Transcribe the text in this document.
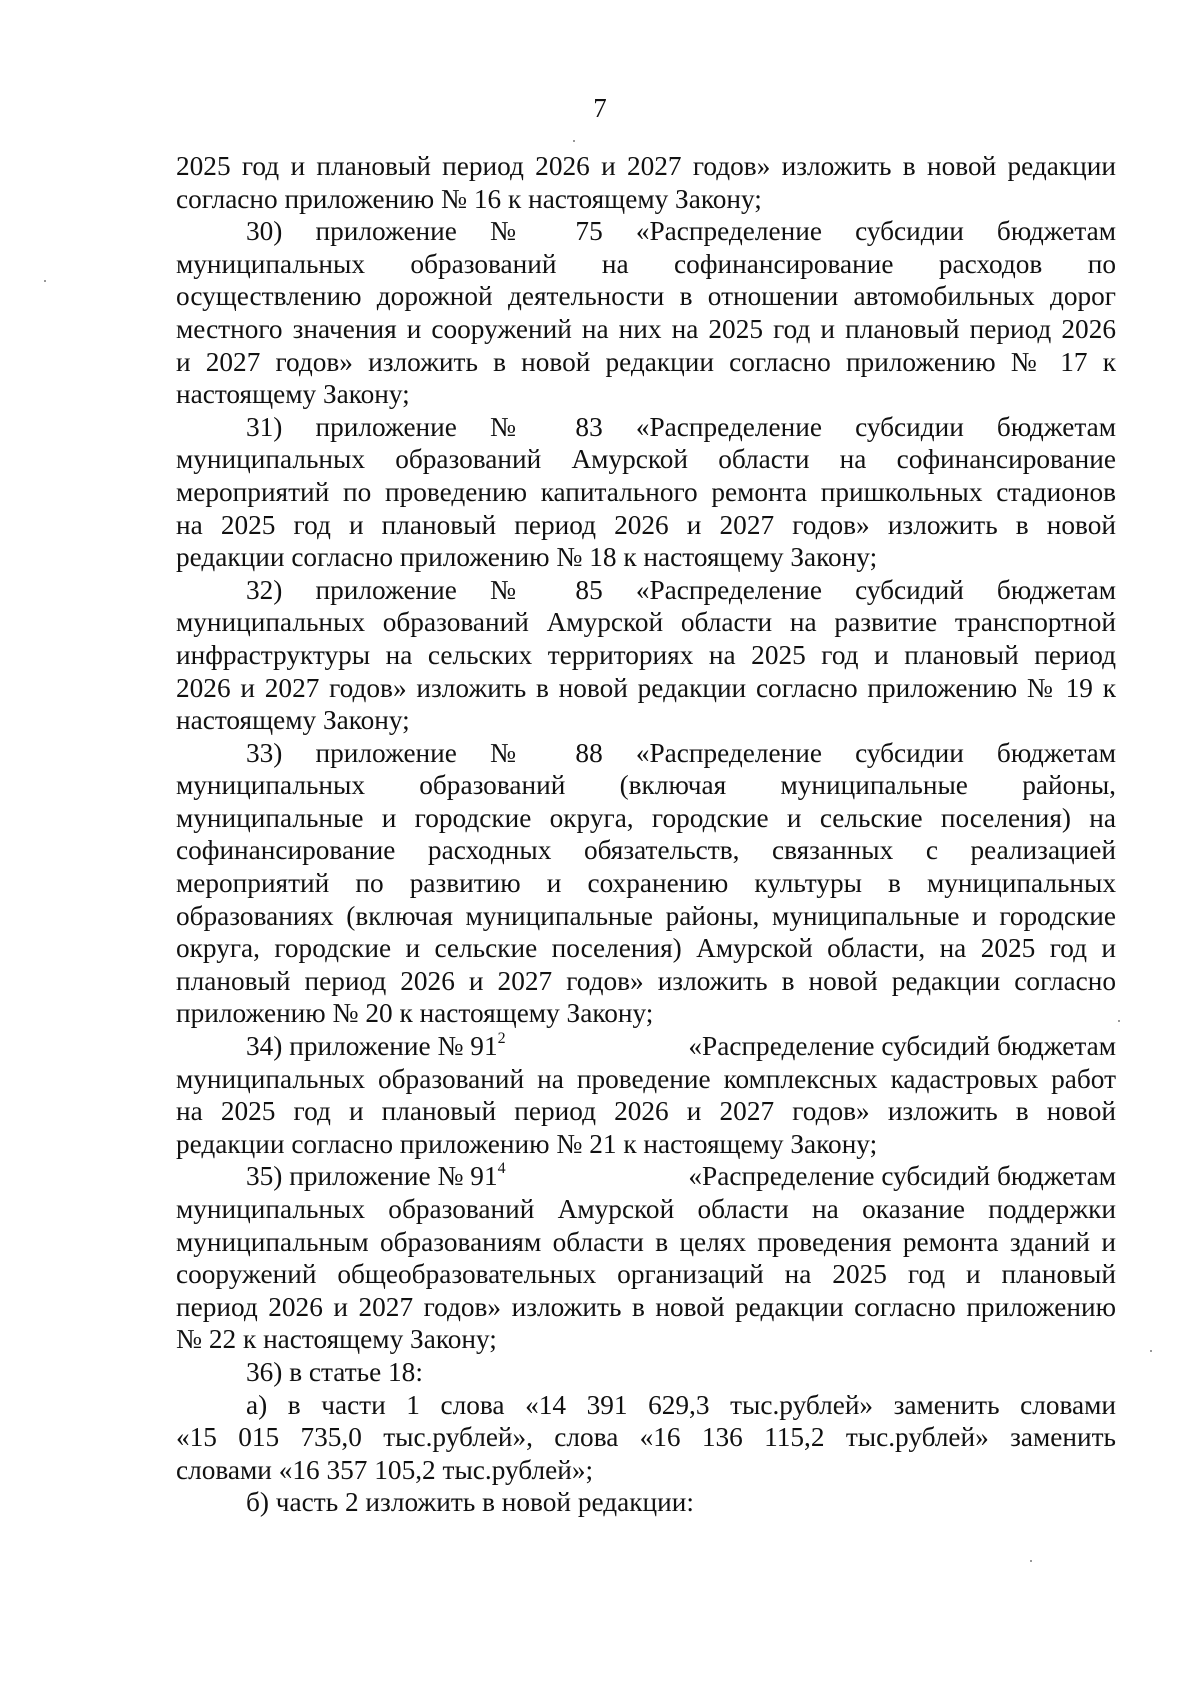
7
2025 год и плановый период 2026 и 2027 годов» изложить в новой редакции
согласно приложению № 16 к настоящему Закону;
30) приложение № 75 «Распределение субсидии бюджетам
муниципальных образований на софинансирование расходов по
осуществлению дорожной деятельности в отношении автомобильных дорог
местного значения и сооружений на них на 2025 год и плановый период 2026
и 2027 годов» изложить в новой редакции согласно приложению № 17 к
настоящему Закону;
31) приложение № 83 «Распределение субсидии бюджетам
муниципальных образований Амурской области на софинансирование
мероприятий по проведению капитального ремонта пришкольных стадионов
на 2025 год и плановый период 2026 и 2027 годов» изложить в новой
редакции согласно приложению № 18 к настоящему Закону;
32) приложение № 85 «Распределение субсидий бюджетам
муниципальных образований Амурской области на развитие транспортной
инфраструктуры на сельских территориях на 2025 год и плановый период
2026 и 2027 годов» изложить в новой редакции согласно приложению № 19 к
настоящему Закону;
33) приложение № 88 «Распределение субсидии бюджетам
муниципальных образований (включая муниципальные районы,
муниципальные и городские округа, городские и сельские поселения) на
софинансирование расходных обязательств, связанных с реализацией
мероприятий по развитию и сохранению культуры в муниципальных
образованиях (включая муниципальные районы, муниципальные и городские
округа, городские и сельские поселения) Амурской области, на 2025 год и
плановый период 2026 и 2027 годов» изложить в новой редакции согласно
приложению № 20 к настоящему Закону;
34) приложение № $91^2$	«Распределение субсидий бюджетам
муниципальных образований на проведение комплексных кадастровых работ
на 2025 год и плановый период 2026 и 2027 годов» изложить в новой
редакции согласно приложению № 21 к настоящему Закону;
35) приложение № $91^4$	«Распределение субсидий бюджетам
муниципальных образований Амурской области на оказание поддержки
муниципальным образованиям области в целях проведения ремонта зданий и
сооружений общеобразовательных организаций на 2025 год и плановый
период 2026 и 2027 годов» изложить в новой редакции согласно приложению
№ 22 к настоящему Закону;
36) в статье 18:
а) в части 1 слова «14 391 629,3 тыс.рублей» заменить словами
«15 015 735,0 тыс.рублей», слова «16 136 115,2 тыс.рублей» заменить
словами «16 357 105,2 тыс.рублей»;
б) часть 2 изложить в новой редакции:
